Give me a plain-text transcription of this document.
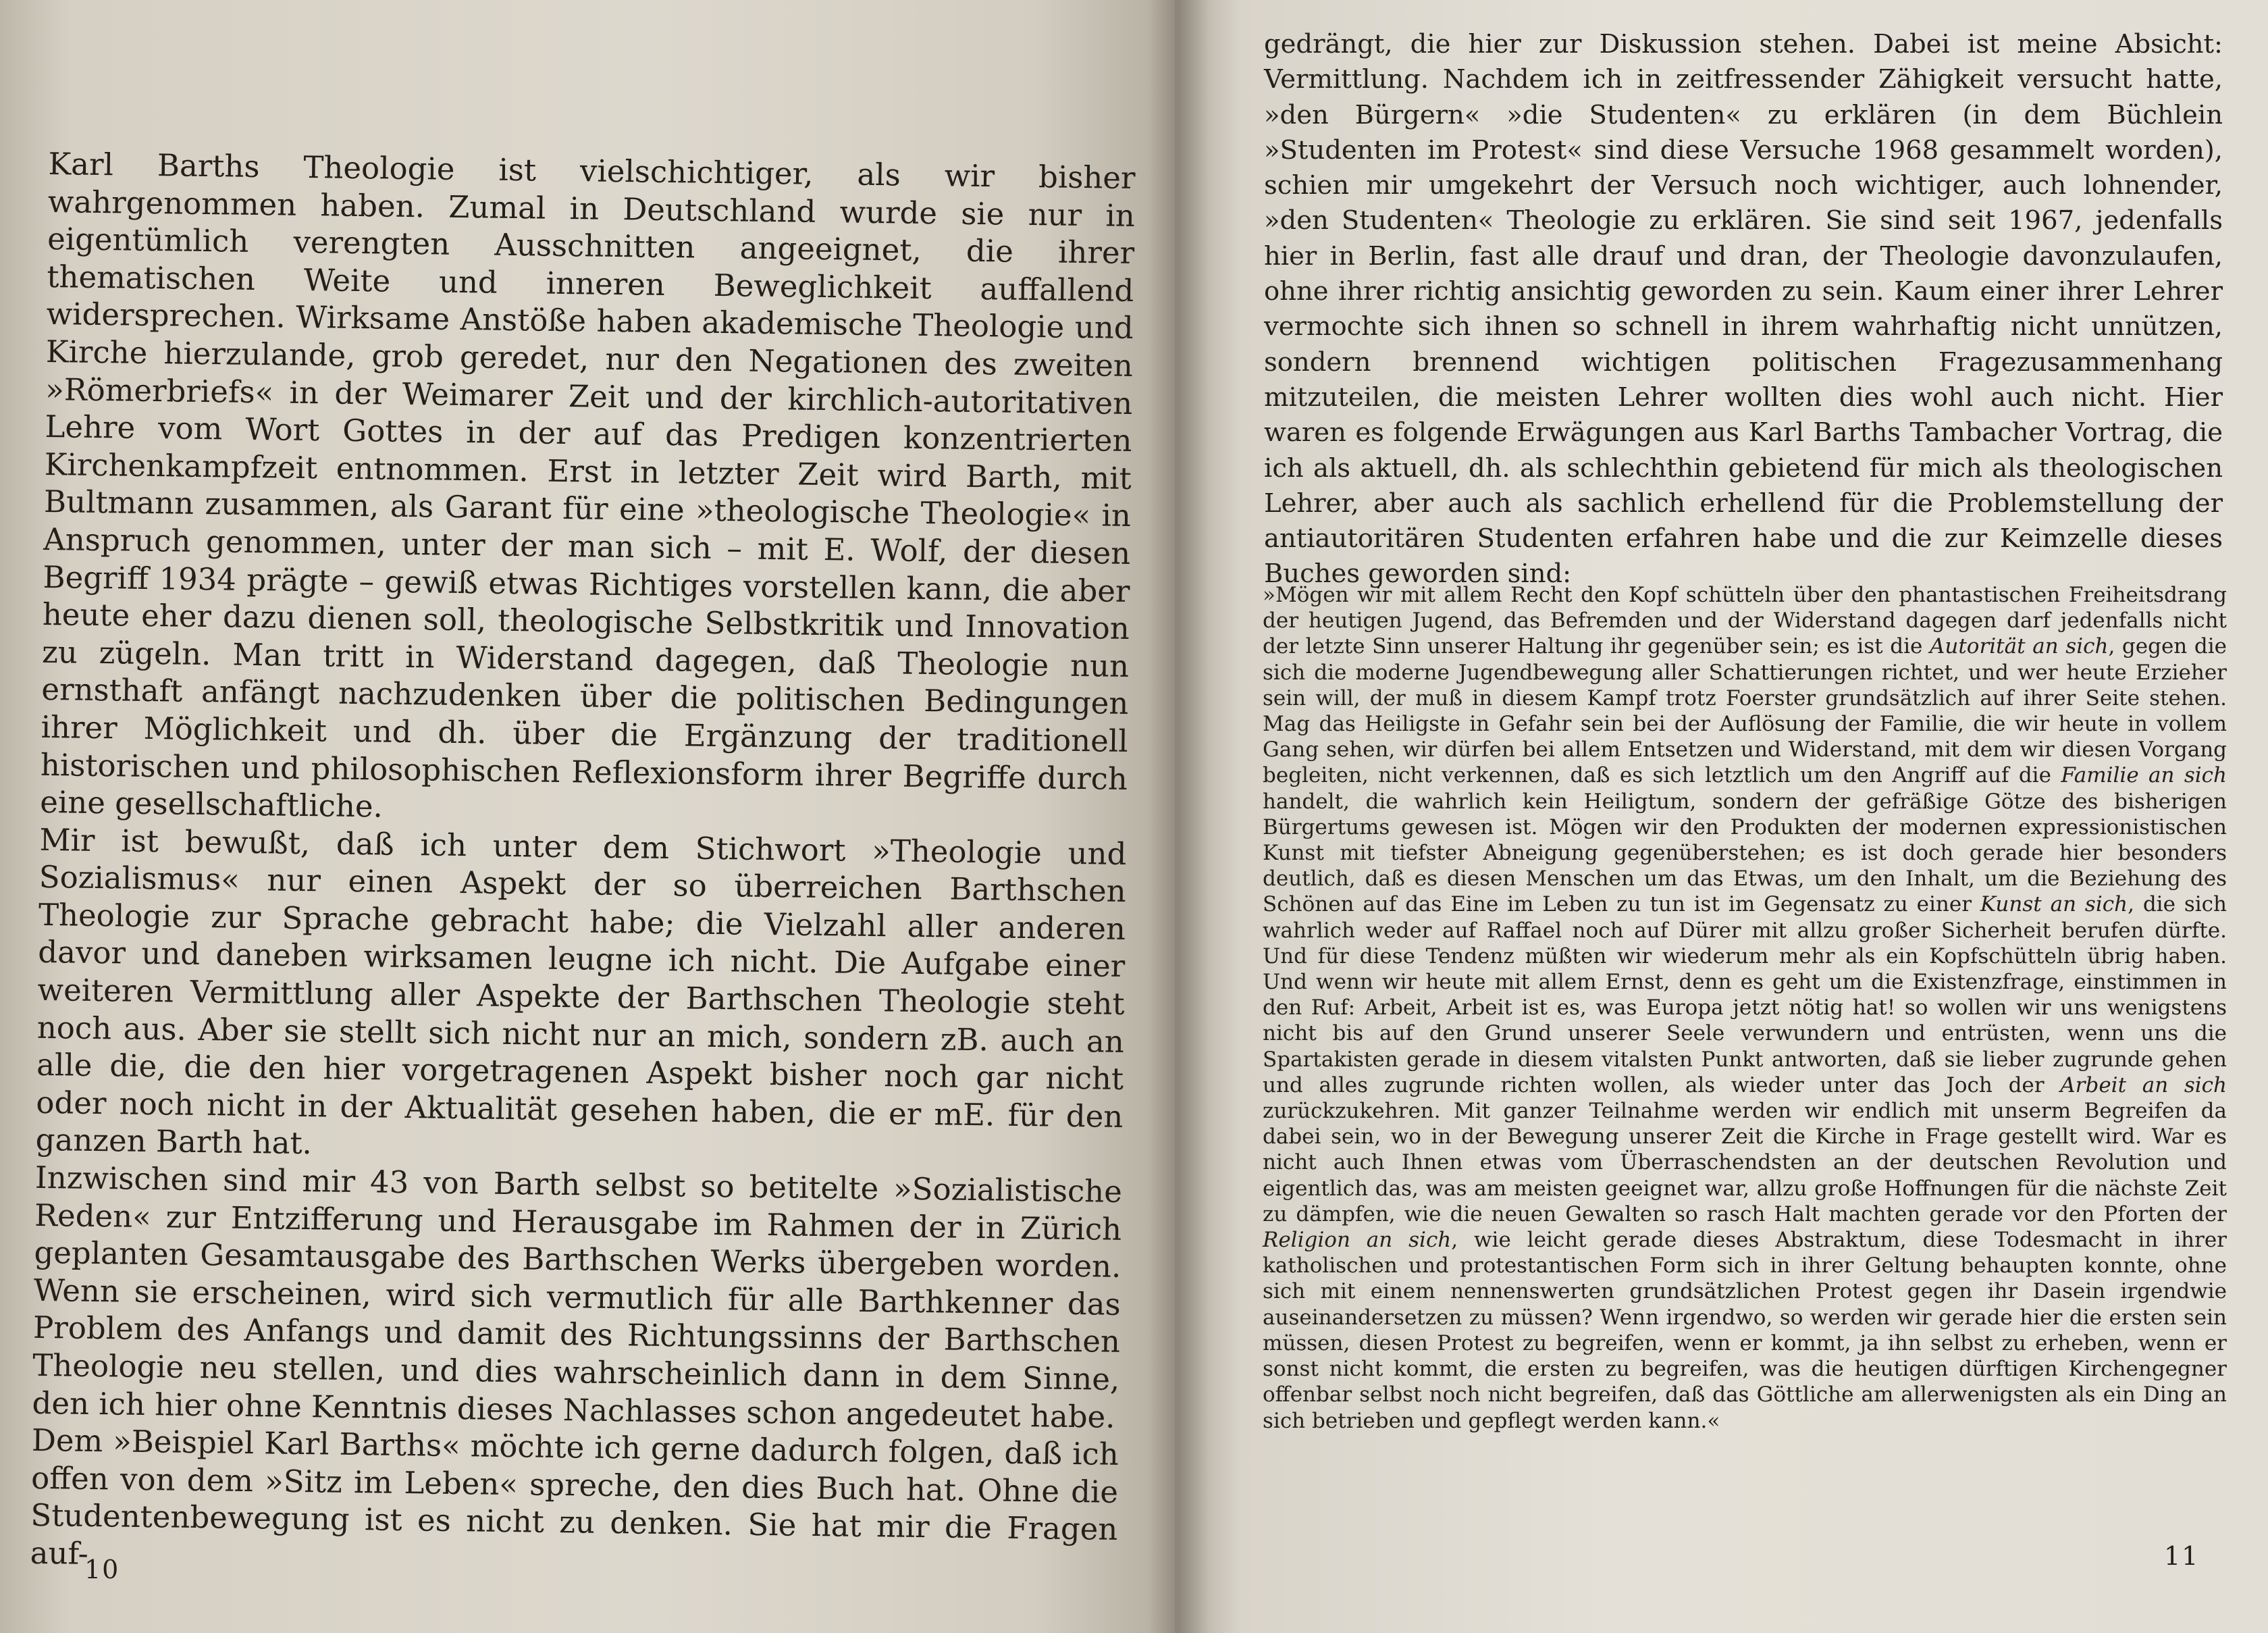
Karl Barths Theologie ist vielschichtiger, als wir bisher wahrgenommen haben. Zumal in Deutschland wurde sie nur in eigentümlich verengten Ausschnitten angeeignet, die ihrer thematischen Weite und inneren Beweglichkeit auffallend widersprechen. Wirksame Anstöße haben akademische Theologie und Kirche hierzulande, grob geredet, nur den Negationen des zweiten »Römerbriefs« in der Weimarer Zeit und der kirchlich-autoritativen Lehre vom Wort Gottes in der auf das Predigen konzentrierten Kirchenkampfzeit entnommen. Erst in letzter Zeit wird Barth, mit Bultmann zusammen, als Garant für eine »theologische Theologie« in Anspruch genommen, unter der man sich – mit E. Wolf, der diesen Begriff 1934 prägte – gewiß etwas Richtiges vorstellen kann, die aber heute eher dazu dienen soll, theologische Selbstkritik und Innovation zu zügeln. Man tritt in Widerstand dagegen, daß Theologie nun ernsthaft anfängt nachzudenken über die politischen Bedingungen ihrer Möglichkeit und dh. über die Ergänzung der traditionell historischen und philosophischen Reflexionsform ihrer Begriffe durch eine gesellschaftliche.

Mir ist bewußt, daß ich unter dem Stichwort »Theologie und Sozialismus« nur einen Aspekt der so überreichen Barthschen Theologie zur Sprache gebracht habe; die Vielzahl aller anderen davor und daneben wirksamen leugne ich nicht. Die Aufgabe einer weiteren Vermittlung aller Aspekte der Barthschen Theologie steht noch aus. Aber sie stellt sich nicht nur an mich, sondern zB. auch an alle die, die den hier vorgetragenen Aspekt bisher noch gar nicht oder noch nicht in der Aktualität gesehen haben, die er mE. für den ganzen Barth hat.

Inzwischen sind mir 43 von Barth selbst so betitelte »Sozialistische Reden« zur Entzifferung und Herausgabe im Rahmen der in Zürich geplanten Gesamtausgabe des Barthschen Werks übergeben worden. Wenn sie erscheinen, wird sich vermutlich für alle Barthkenner das Problem des Anfangs und damit des Richtungssinns der Barthschen Theologie neu stellen, und dies wahrscheinlich dann in dem Sinne, den ich hier ohne Kenntnis dieses Nachlasses schon angedeutet habe.

Dem »Beispiel Karl Barths« möchte ich gerne dadurch folgen, daß ich offen von dem »Sitz im Leben« spreche, den dies Buch hat. Ohne die Studentenbewegung ist es nicht zu denken. Sie hat mir die Fragen auf-

10

gedrängt, die hier zur Diskussion stehen. Dabei ist meine Absicht: Vermittlung. Nachdem ich in zeitfressender Zähigkeit versucht hatte, »den Bürgern« »die Studenten« zu erklären (in dem Büchlein »Studenten im Protest« sind diese Versuche 1968 gesammelt worden), schien mir umgekehrt der Versuch noch wichtiger, auch lohnender, »den Studenten« Theologie zu erklären. Sie sind seit 1967, jedenfalls hier in Berlin, fast alle drauf und dran, der Theologie davonzulaufen, ohne ihrer richtig ansichtig geworden zu sein. Kaum einer ihrer Lehrer vermochte sich ihnen so schnell in ihrem wahrhaftig nicht unnützen, sondern brennend wichtigen politischen Fragezusammenhang mitzuteilen, die meisten Lehrer wollten dies wohl auch nicht. Hier waren es folgende Erwägungen aus Karl Barths Tambacher Vortrag, die ich als aktuell, dh. als schlechthin gebietend für mich als theologischen Lehrer, aber auch als sachlich erhellend für die Problemstellung der antiautoritären Studenten erfahren habe und die zur Keimzelle dieses Buches geworden sind:

»Mögen wir mit allem Recht den Kopf schütteln über den phantastischen Freiheitsdrang der heutigen Jugend, das Befremden und der Widerstand dagegen darf jedenfalls nicht der letzte Sinn unserer Haltung ihr gegenüber sein; es ist die Autorität an sich, gegen die sich die moderne Jugendbewegung aller Schattierungen richtet, und wer heute Erzieher sein will, der muß in diesem Kampf trotz Foerster grundsätzlich auf ihrer Seite stehen. Mag das Heiligste in Gefahr sein bei der Auflösung der Familie, die wir heute in vollem Gang sehen, wir dürfen bei allem Entsetzen und Widerstand, mit dem wir diesen Vorgang begleiten, nicht verkennen, daß es sich letztlich um den Angriff auf die Familie an sich handelt, die wahrlich kein Heiligtum, sondern der gefräßige Götze des bisherigen Bürgertums gewesen ist. Mögen wir den Produkten der modernen expressionistischen Kunst mit tiefster Abneigung gegenüberstehen; es ist doch gerade hier besonders deutlich, daß es diesen Menschen um das Etwas, um den Inhalt, um die Beziehung des Schönen auf das Eine im Leben zu tun ist im Gegensatz zu einer Kunst an sich, die sich wahrlich weder auf Raffael noch auf Dürer mit allzu großer Sicherheit berufen dürfte. Und für diese Tendenz müßten wir wiederum mehr als ein Kopfschütteln übrig haben. Und wenn wir heute mit allem Ernst, denn es geht um die Existenzfrage, einstimmen in den Ruf: Arbeit, Arbeit ist es, was Europa jetzt nötig hat! so wollen wir uns wenigstens nicht bis auf den Grund unserer Seele verwundern und entrüsten, wenn uns die Spartakisten gerade in diesem vitalsten Punkt antworten, daß sie lieber zugrunde gehen und alles zugrunde richten wollen, als wieder unter das Joch der Arbeit an sich zurückzukehren. Mit ganzer Teilnahme werden wir endlich mit unserm Begreifen da dabei sein, wo in der Bewegung unserer Zeit die Kirche in Frage gestellt wird. War es nicht auch Ihnen etwas vom Überraschendsten an der deutschen Revolution und eigentlich das, was am meisten geeignet war, allzu große Hoffnungen für die nächste Zeit zu dämpfen, wie die neuen Gewalten so rasch Halt machten gerade vor den Pforten der Religion an sich, wie leicht gerade dieses Abstraktum, diese Todesmacht in ihrer katholischen und protestantischen Form sich in ihrer Geltung behaupten konnte, ohne sich mit einem nennenswerten grundsätzlichen Protest gegen ihr Dasein irgendwie auseinandersetzen zu müssen? Wenn irgendwo, so werden wir gerade hier die ersten sein müssen, diesen Protest zu begreifen, wenn er kommt, ja ihn selbst zu erheben, wenn er sonst nicht kommt, die ersten zu begreifen, was die heutigen dürftigen Kirchengegner offenbar selbst noch nicht begreifen, daß das Göttliche am allerwenigsten als ein Ding an sich betrieben und gepflegt werden kann.«

11
